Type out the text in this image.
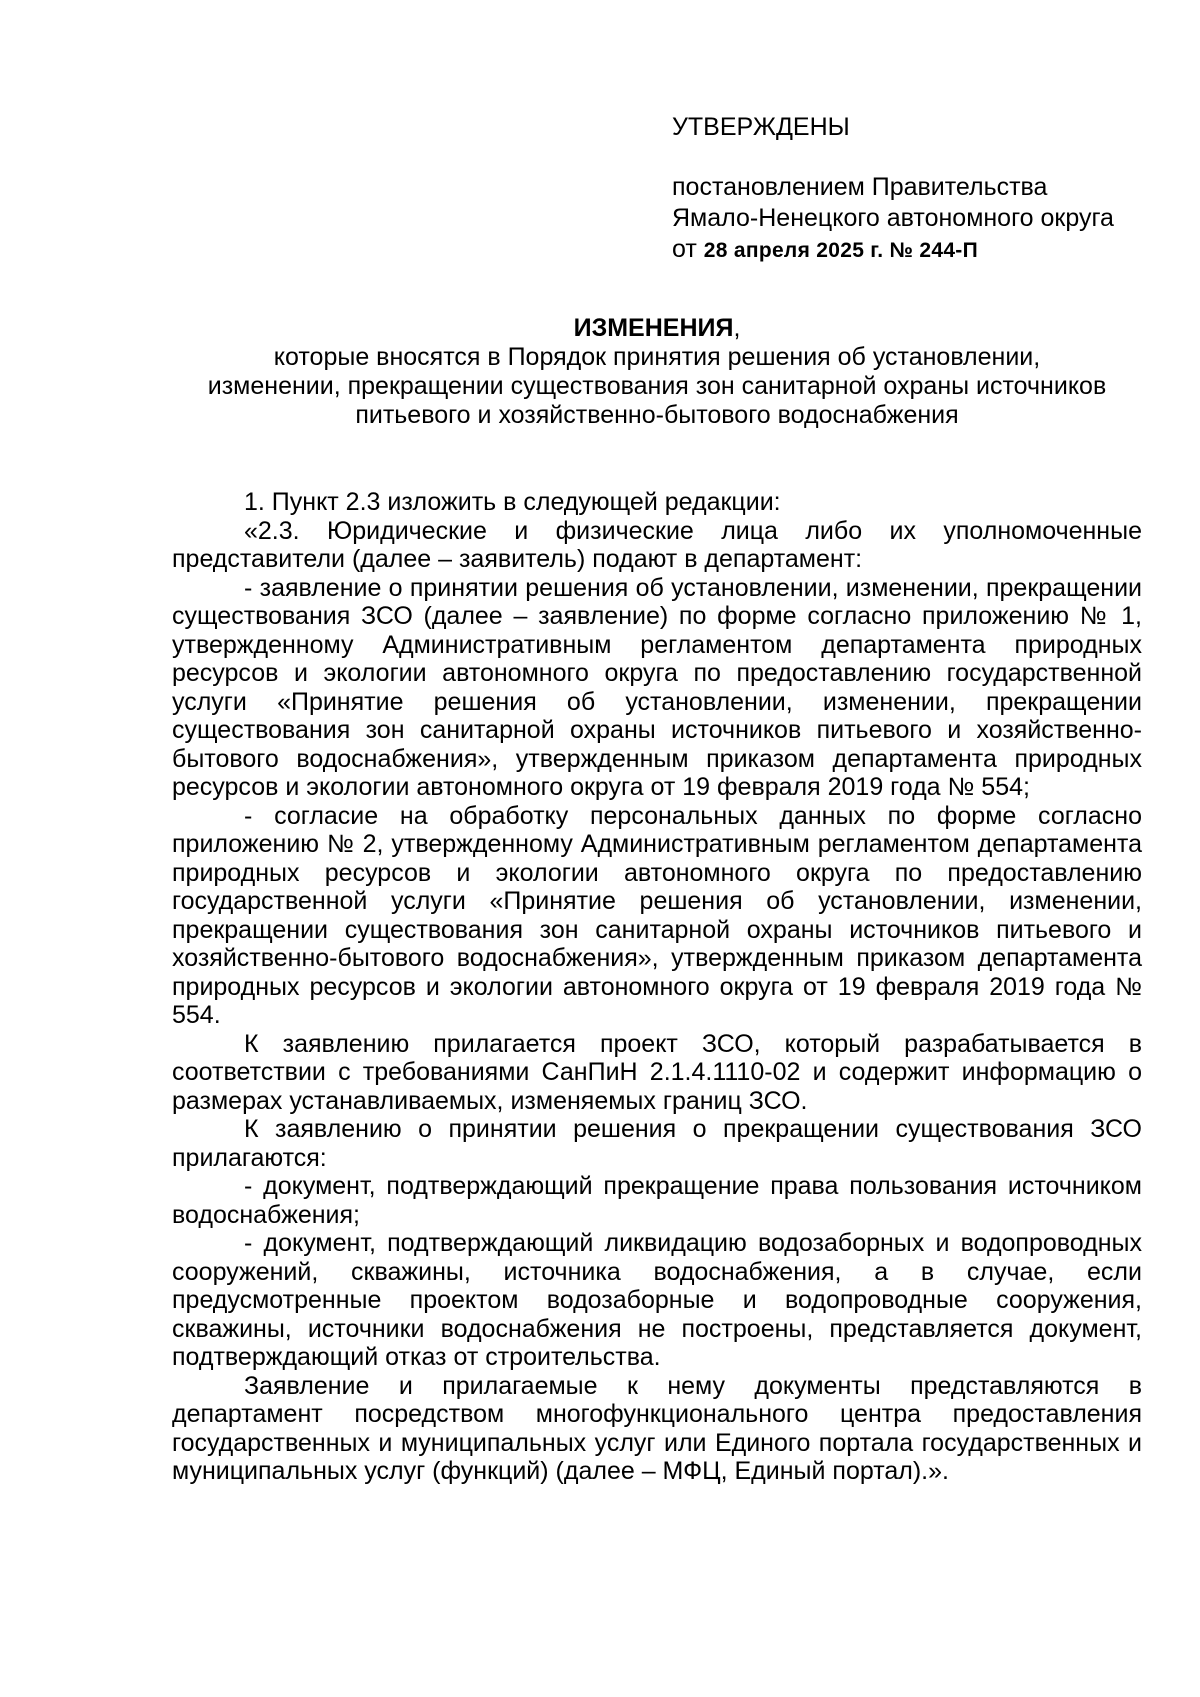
УТВЕРЖДЕНЫ
постановлением Правительства
Ямало-Ненецкого автономного округа
от 28 апреля 2025 г. № 244-П
ИЗМЕНЕНИЯ,
которые вносятся в Порядок принятия решения об установлении,
изменении, прекращении существования зон санитарной охраны источников
питьевого и хозяйственно-бытового водоснабжения

1. Пункт 2.3 изложить в следующей редакции:

«2.3. Юридические и физические лица либо их уполномоченные представители (далее – заявитель) подают в департамент:

- заявление о принятии решения об установлении, изменении, прекращении существования ЗСО (далее – заявление) по форме согласно приложению № 1, утвержденному Административным регламентом департамента природных ресурсов и экологии автономного округа по предоставлению государственной услуги «Принятие решения об установлении, изменении, прекращении существования зон санитарной охраны источников питьевого и хозяйственно-бытового водоснабжения», утвержденным приказом департамента природных ресурсов и экологии автономного округа от 19 февраля 2019 года № 554;

- согласие на обработку персональных данных по форме согласно приложению № 2, утвержденному Административным регламентом департамента природных ресурсов и экологии автономного округа по предоставлению государственной услуги «Принятие решения об установлении, изменении, прекращении существования зон санитарной охраны источников питьевого и хозяйственно-бытового водоснабжения», утвержденным приказом департамента природных ресурсов и экологии автономного округа от 19 февраля 2019 года № 554.

К заявлению прилагается проект ЗСО, который разрабатывается в соответствии с требованиями СанПиН 2.1.4.1110-02 и содержит информацию о размерах устанавливаемых, изменяемых границ ЗСО.

К заявлению о принятии решения о прекращении существования ЗСО прилагаются:

- документ, подтверждающий прекращение права пользования источником водоснабжения;

- документ, подтверждающий ликвидацию водозаборных и водопроводных сооружений, скважины, источника водоснабжения, а в случае, если предусмотренные проектом водозаборные и водопроводные сооружения, скважины, источники водоснабжения не построены, представляется документ, подтверждающий отказ от строительства.

Заявление и прилагаемые к нему документы представляются в департамент посредством многофункционального центра предоставления государственных и муниципальных услуг или Единого портала государственных и муниципальных услуг (функций) (далее – МФЦ, Единый портал).».
